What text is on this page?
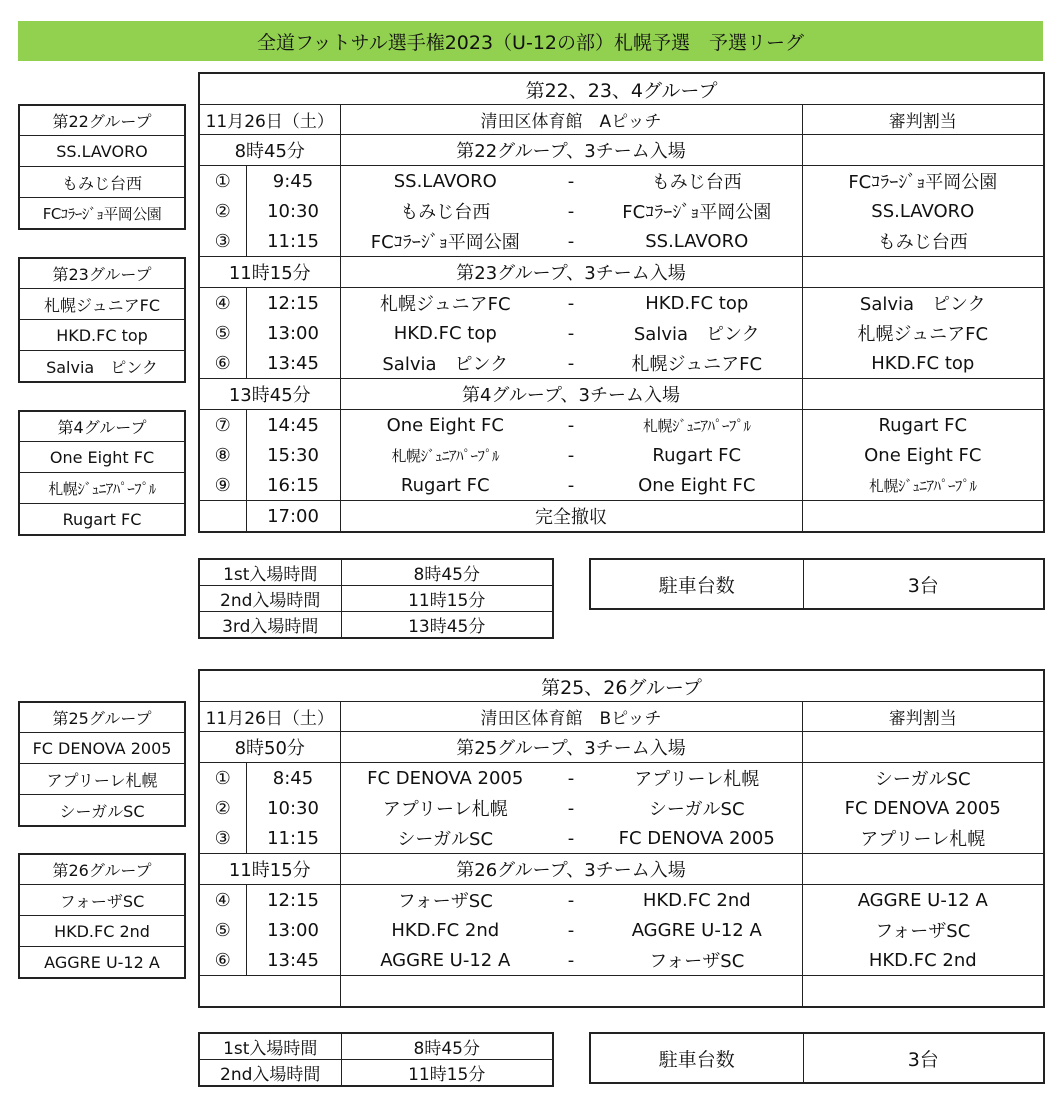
全道フットサル選手権2023（U-12の部）札幌予選　予選リーグ
第22グループ
SS.LAVORO
もみじ台西
FCｺﾗｰｼﾞｮ平岡公園
第23グループ
札幌ジュニアFC
HKD.FC top
Salvia　ピンク
第4グループ
One Eight FC
札幌ｼﾞｭﾆｱﾊﾟｰﾌﾟﾙ
Rugart FC
第22、23、4グループ					
11月26日（土）		清田区体育館　Aピッチ			審判割当
8時45分		第22グループ、3チーム入場			
①	9:45	SS.LAVORO	-	もみじ台西	FCｺﾗｰｼﾞｮ平岡公園
②	10:30	もみじ台西	-	FCｺﾗｰｼﾞｮ平岡公園	SS.LAVORO
③	11:15	FCｺﾗｰｼﾞｮ平岡公園	-	SS.LAVORO	もみじ台西
11時15分		第23グループ、3チーム入場			
④	12:15	札幌ジュニアFC	-	HKD.FC top	Salvia　ピンク
⑤	13:00	HKD.FC top	-	Salvia　ピンク	札幌ジュニアFC
⑥	13:45	Salvia　ピンク	-	札幌ジュニアFC	HKD.FC top
13時45分		第4グループ、3チーム入場			
⑦	14:45	One Eight FC	-	札幌ｼﾞｭﾆｱﾊﾟｰﾌﾟﾙ	Rugart FC
⑧	15:30	札幌ｼﾞｭﾆｱﾊﾟｰﾌﾟﾙ	-	Rugart FC	One Eight FC
⑨	16:15	Rugart FC	-	One Eight FC	札幌ｼﾞｭﾆｱﾊﾟｰﾌﾟﾙ
	17:00	完全撤収			
1st入場時間	8時45分
2nd入場時間	11時15分
3rd入場時間	13時45分
駐車台数	3台
第25グループ
FC DENOVA 2005
アプリーレ札幌
シーガルSC
第26グループ
フォーザSC
HKD.FC 2nd
AGGRE U-12 A
第25、26グループ					
11月26日（土）		清田区体育館　Bピッチ			審判割当
8時50分		第25グループ、3チーム入場			
①	8:45	FC DENOVA 2005	-	アプリーレ札幌	シーガルSC
②	10:30	アプリーレ札幌	-	シーガルSC	FC DENOVA 2005
③	11:15	シーガルSC	-	FC DENOVA 2005	アプリーレ札幌
11時15分		第26グループ、3チーム入場			
④	12:15	フォーザSC	-	HKD.FC 2nd	AGGRE U-12 A
⑤	13:00	HKD.FC 2nd	-	AGGRE U-12 A	フォーザSC
⑥	13:45	AGGRE U-12 A	-	フォーザSC	HKD.FC 2nd

1st入場時間	8時45分
2nd入場時間	11時15分
駐車台数	3台
